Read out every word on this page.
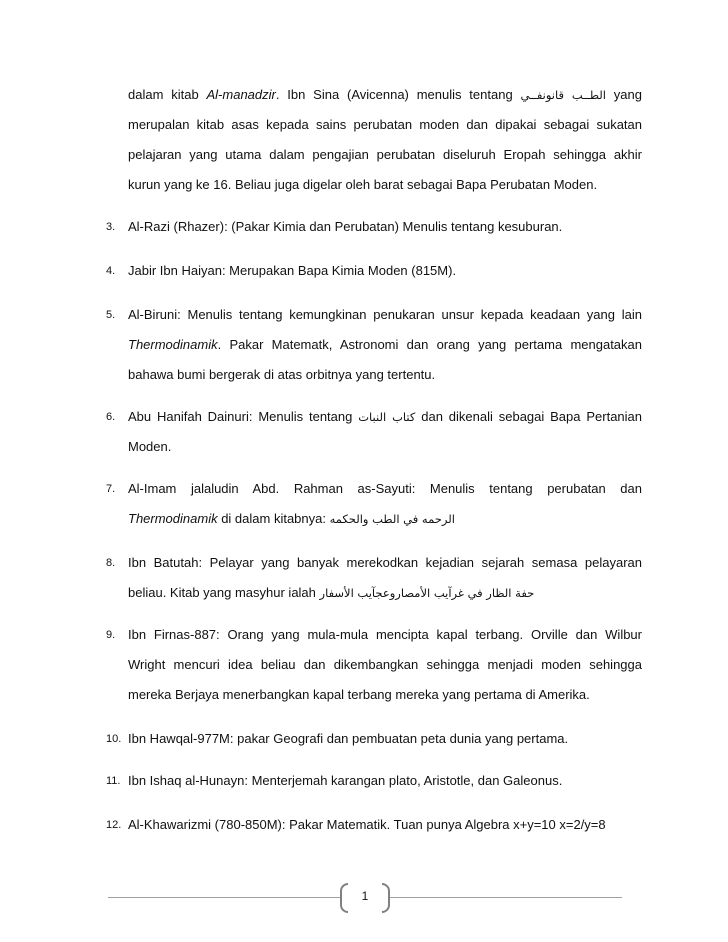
dalam kitab Al-manadzir. Ibn Sina (Avicenna) menulis tentang الطــب قانونفــي yang
merupalan kitab asas kepada sains perubatan moden dan dipakai sebagai sukatan
pelajaran yang utama dalam pengajian perubatan diseluruh Eropah sehingga akhir
kurun yang ke 16. Beliau juga digelar oleh barat sebagai Bapa Perubatan Moden.
3. Al-Razi (Rhazer): (Pakar Kimia dan Perubatan) Menulis tentang kesuburan.
4. Jabir Ibn Haiyan: Merupakan Bapa Kimia Moden (815M).
5. Al-Biruni: Menulis tentang kemungkinan penukaran unsur kepada keadaan yang lain
Thermodinamik. Pakar Matematk, Astronomi dan orang yang pertama mengatakan
bahawa bumi bergerak di atas orbitnya yang tertentu.
6. Abu Hanifah Dainuri: Menulis tentang كتاب النبات dan dikenali sebagai Bapa Pertanian
Moden.
7. Al-Imam jalaludin Abd. Rahman as-Sayuti: Menulis tentang perubatan dan
Thermodinamik di dalam kitabnya: الرحمه في الطب والحكمه
8. Ibn Batutah: Pelayar yang banyak merekodkan kejadian sejarah semasa pelayaran
beliau. Kitab yang masyhur ialah حفة الظار في غرآيب الأمصاروعجآيب الأسفار
9. Ibn Firnas-887: Orang yang mula-mula mencipta kapal terbang. Orville dan Wilbur
Wright mencuri idea beliau dan dikembangkan sehingga menjadi moden sehingga
mereka Berjaya menerbangkan kapal terbang mereka yang pertama di Amerika.
10. Ibn Hawqal-977M: pakar Geografi dan pembuatan peta dunia yang pertama.
11. Ibn Ishaq al-Hunayn: Menterjemah karangan plato, Aristotle, dan Galeonus.
12. Al-Khawarizmi (780-850M): Pakar Matematik. Tuan punya Algebra x+y=10 x=2/y=8
1
